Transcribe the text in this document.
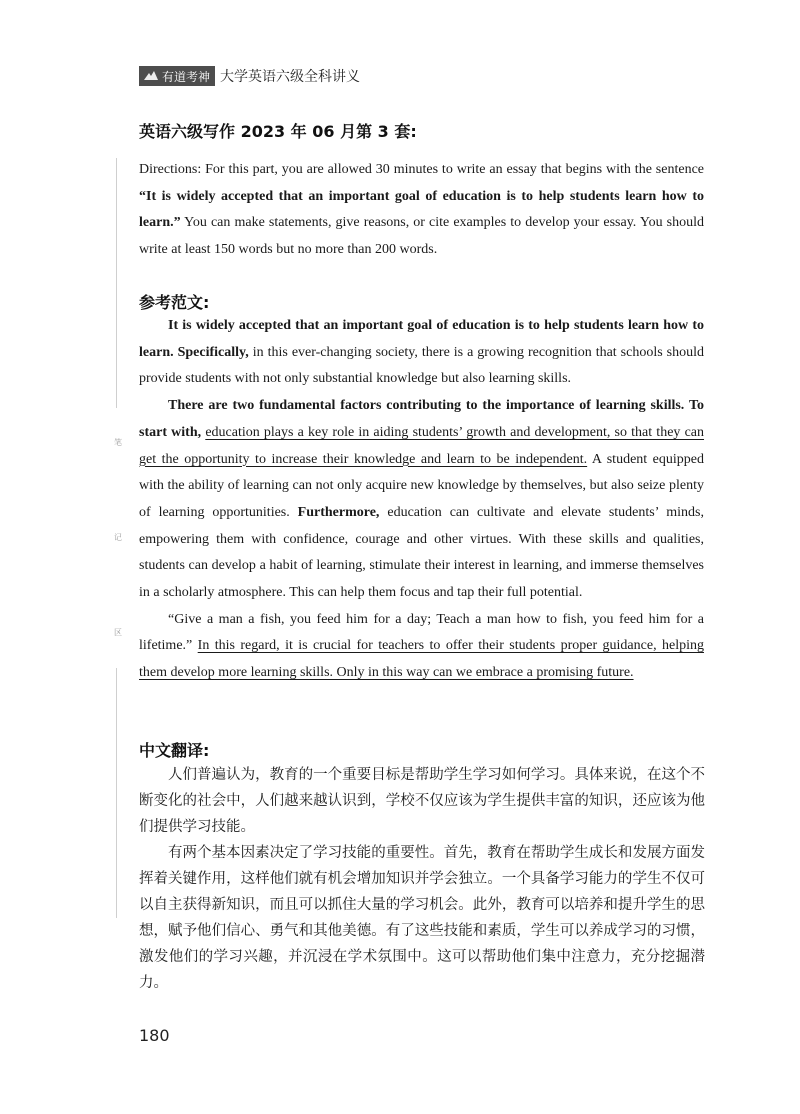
有道考神 大学英语六级全科讲义
英语六级写作 2023 年 06 月第 3 套:

Directions: For this part, you are allowed 30 minutes to write an essay that begins with the sentence “It is widely accepted that an important goal of education is to help students learn how to learn.” You can make statements, give reasons, or cite examples to develop your essay. You should write at least 150 words but no more than 200 words.

参考范文:

It is widely accepted that an important goal of education is to help students learn how to learn. Specifically, in this ever-changing society, there is a growing recognition that schools should provide students with not only substantial knowledge but also learning skills.

There are two fundamental factors contributing to the importance of learning skills. To start with, education plays a key role in aiding students’ growth and development, so that they can get the opportunity to increase their knowledge and learn to be independent. A student equipped with the ability of learning can not only acquire new knowledge by themselves, but also seize plenty of learning opportunities. Furthermore, education can cultivate and elevate students’ minds, empowering them with confidence, courage and other virtues. With these skills and qualities, students can develop a habit of learning, stimulate their interest in learning, and immerse themselves in a scholarly atmosphere. This can help them focus and tap their full potential.

“Give a man a fish, you feed him for a day; Teach a man how to fish, you feed him for a lifetime.” In this regard, it is crucial for teachers to offer their students proper guidance, helping them develop more learning skills. Only in this way can we embrace a promising future.

中文翻译:

人们普遍认为，教育的一个重要目标是帮助学生学习如何学习。具体来说，在这个不断变化的社会中，人们越来越认识到，学校不仅应该为学生提供丰富的知识，还应该为他们提供学习技能。

有两个基本因素决定了学习技能的重要性。首先，教育在帮助学生成长和发展方面发挥着关键作用，这样他们就有机会增加知识并学会独立。一个具备学习能力的学生不仅可以自主获得新知识，而且可以抓住大量的学习机会。此外，教育可以培养和提升学生的思想，赋予他们信心、勇气和其他美德。有了这些技能和素质，学生可以养成学习的习惯，激发他们的学习兴趣，并沉浸在学术氛围中。这可以帮助他们集中注意力，充分挖掘潜力。

笔
记
区
180
